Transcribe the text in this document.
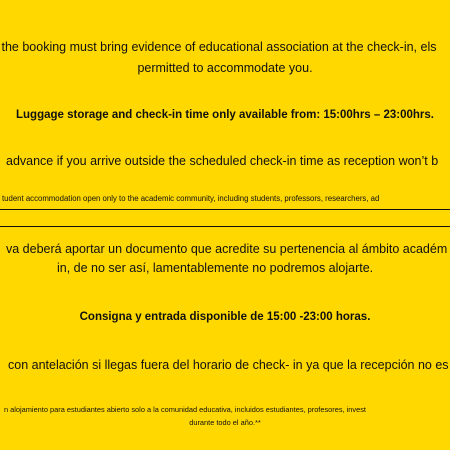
the booking must bring evidence of educational association at the check-in, els
permitted to accommodate you.
Luggage storage and check-in time only available from: 15:00hrs – 23:00hrs.
advance if you arrive outside the scheduled check-in time as reception won’t b
tudent accommodation open only to the academic community, including students, professors, researchers, ad
va deberá aportar un documento que acredite su pertenencia al ámbito académ
in, de no ser así, lamentablemente no podremos alojarte.
Consigna y entrada disponible de 15:00 -23:00 horas.
con antelación si llegas fuera del horario de check- in ya que la recepción no es
n alojamiento para estudiantes abierto solo a la comunidad educativa, incluidos estudiantes, profesores, invest
durante todo el año.**
